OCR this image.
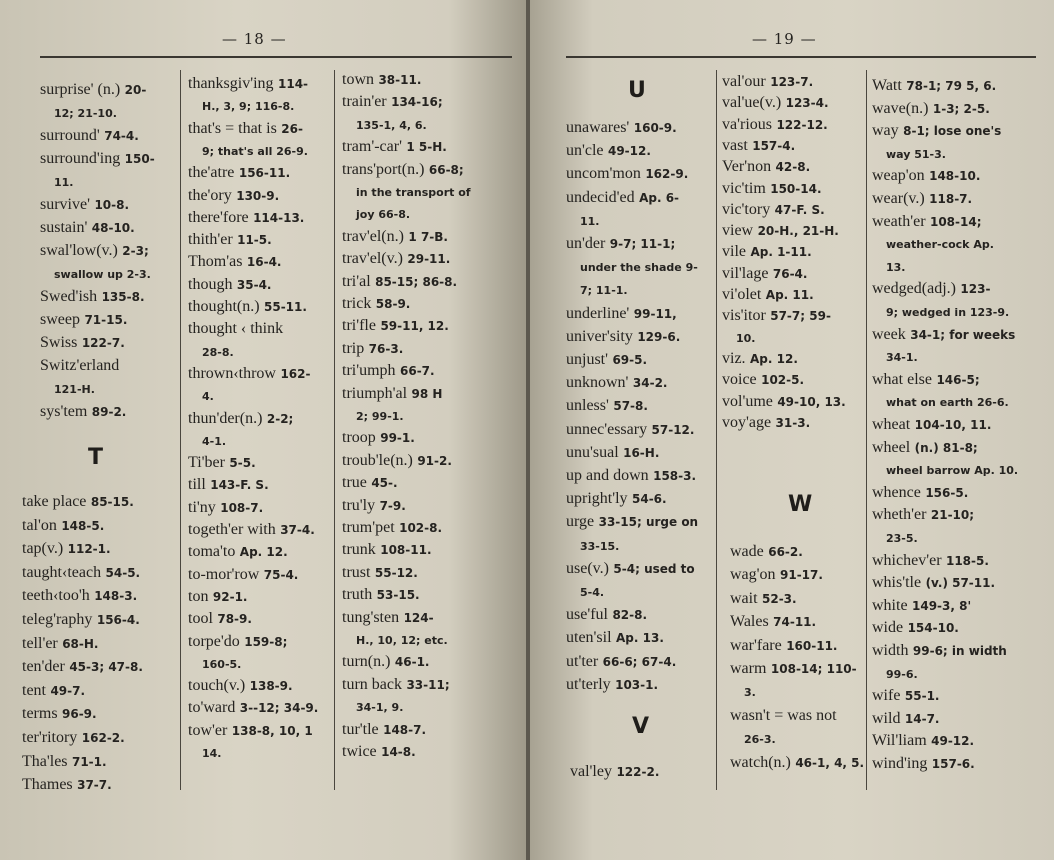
— 18 —
surprise' (n.) 20-
12; 21-10.
surround' 74-4.
surround'ing 150-
11.
survive' 10-8.
sustain' 48-10.
swal'low(v.) 2-3;
swallow up 2-3.
Swed'ish 135-8.
sweep 71-15.
Swiss 122-7.
Switz'erland
121-H.
sys'tem 89-2.
T
take place 85-15.
tal'on 148-5.
tap(v.) 112-1.
taught‹teach 54-5.
teeth‹too'h 148-3.
teleg'raphy 156-4.
tell'er 68-H.
ten'der 45-3; 47-8.
tent 49-7.
terms 96-9.
ter'ritory 162-2.
Tha'les 71-1.
Thames 37-7.
thanksgiv'ing 114-
H., 3, 9; 116-8.
that's = that is 26-
9; that's all 26-9.
the'atre 156-11.
the'ory 130-9.
there'fore 114-13.
thith'er 11-5.
Thom'as 16-4.
though 35-4.
thought(n.) 55-11.
thought ‹ think
28-8.
thrown‹throw 162-
4.
thun'der(n.) 2-2;
4-1.
Ti'ber 5-5.
till 143-F. S.
ti'ny 108-7.
togeth'er with 37-4.
toma'to Ap. 12.
to-mor'row 75-4.
ton 92-1.
tool 78-9.
torpe'do 159-8;
160-5.
touch(v.) 138-9.
to'ward 3--12; 34-9.
tow'er 138-8, 10, 1
14.
town 38-11.
train'er 134-16;
135-1, 4, 6.
tram'-car' 1 5-H.
trans'port(n.) 66-8;
in the transport of
joy 66-8.
trav'el(n.) 1 7-B.
trav'el(v.) 29-11.
tri'al 85-15; 86-8.
trick 58-9.
tri'fle 59-11, 12.
trip 76-3.
tri'umph 66-7.
triumph'al 98 H
2; 99-1.
troop 99-1.
troub'le(n.) 91-2.
true 45-.
tru'ly 7-9.
trum'pet 102-8.
trunk 108-11.
trust 55-12.
truth 53-15.
tung'sten 124-
H., 10, 12; etc.
turn(n.) 46-1.
turn back 33-11;
34-1, 9.
tur'tle 148-7.
twice 14-8.
— 19 —
U
unawares' 160-9.
un'cle 49-12.
uncom'mon 162-9.
undecid'ed Ap. 6-
11.
un'der 9-7; 11-1;
under the shade 9-
7; 11-1.
underline' 99-11,
univer'sity 129-6.
unjust' 69-5.
unknown' 34-2.
unless' 57-8.
unnec'essary 57-12.
unu'sual 16-H.
up and down 158-3.
upright'ly 54-6.
urge 33-15; urge on
33-15.
use(v.) 5-4; used to
5-4.
use'ful 82-8.
uten'sil Ap. 13.
ut'ter 66-6; 67-4.
ut'terly 103-1.
V
val'ley 122-2.
val'our 123-7.
val'ue(v.) 123-4.
va'rious 122-12.
vast 157-4.
Ver'non 42-8.
vic'tim 150-14.
vic'tory 47-F. S.
view 20-H., 21-H.
vile Ap. 1-11.
vil'lage 76-4.
vi'olet Ap. 11.
vis'itor 57-7; 59-
10.
viz. Ap. 12.
voice 102-5.
vol'ume 49-10, 13.
voy'age 31-3.
W
wade 66-2.
wag'on 91-17.
wait 52-3.
Wales 74-11.
war'fare 160-11.
warm 108-14; 110-
3.
wasn't = was not
26-3.
watch(n.) 46-1, 4, 5.
Watt 78-1; 79 5, 6.
wave(n.) 1-3; 2-5.
way 8-1; lose one's
way 51-3.
weap'on 148-10.
wear(v.) 118-7.
weath'er 108-14;
weather-cock Ap.
13.
wedged(adj.) 123-
9; wedged in 123-9.
week 34-1; for weeks
34-1.
what else 146-5;
what on earth 26-6.
wheat 104-10, 11.
wheel (n.) 81-8;
wheel barrow Ap. 10.
whence 156-5.
wheth'er 21-10;
23-5.
whichev'er 118-5.
whis'tle (v.) 57-11.
white 149-3, 8'
wide 154-10.
width 99-6; in width
99-6.
wife 55-1.
wild 14-7.
Wil'liam 49-12.
wind'ing 157-6.
